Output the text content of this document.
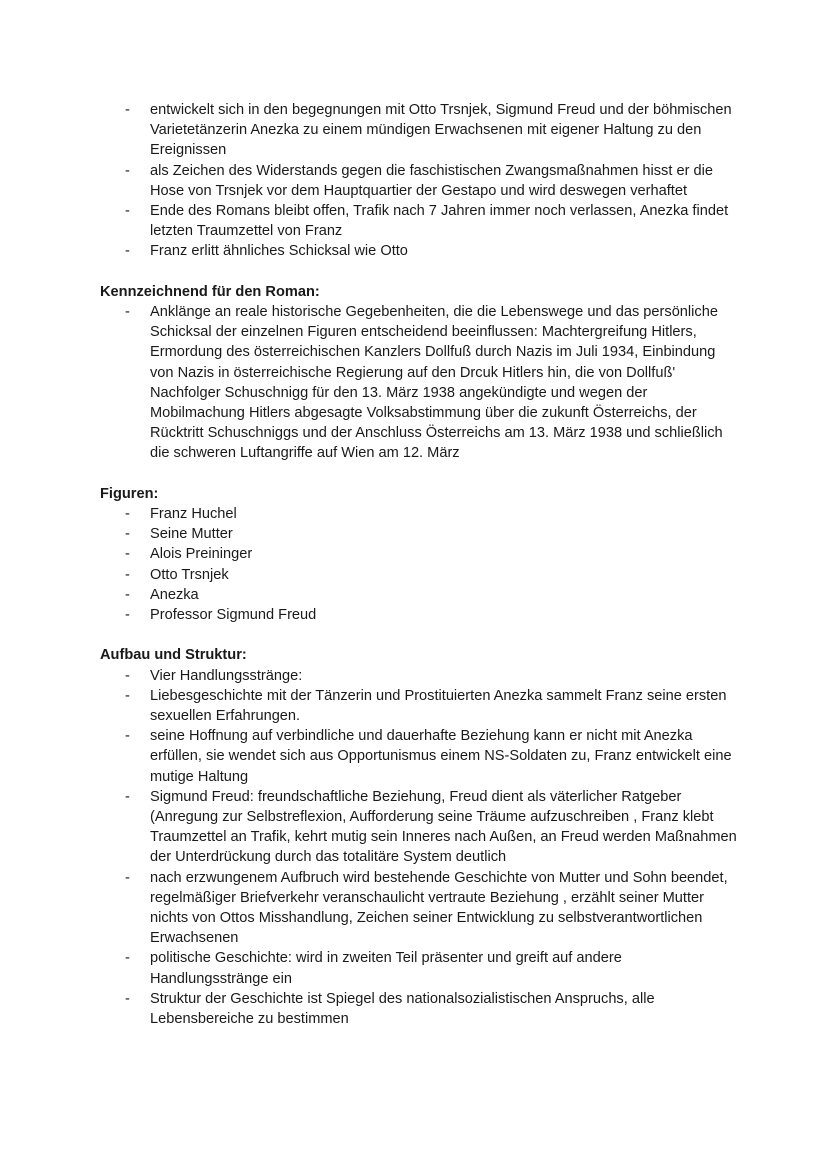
- entwickelt sich in den begegnungen mit Otto Trsnjek, Sigmund Freud und der böhmischen Varietetänzerin Anezka zu einem mündigen Erwachsenen mit eigener Haltung zu den Ereignissen
- als Zeichen des Widerstands gegen die faschistischen Zwangsmaßnahmen hisst er die Hose von Trsnjek vor dem Hauptquartier der Gestapo und wird deswegen verhaftet
- Ende des Romans bleibt offen, Trafik nach 7 Jahren immer noch verlassen, Anezka findet letzten Traumzettel von Franz
- Franz erlitt ähnliches Schicksal wie Otto

Kennzeichnend für den Roman:

- Anklänge an reale historische Gegebenheiten, die die Lebenswege und das persönliche Schicksal der einzelnen Figuren entscheidend beeinflussen: Machtergreifung Hitlers, Ermordung des österreichischen Kanzlers Dollfuß durch Nazis im Juli 1934, Einbindung von Nazis in österreichische Regierung auf den Drcuk Hitlers hin, die von Dollfuß' Nachfolger Schuschnigg für den 13. März 1938 angekündigte und wegen der Mobilmachung Hitlers abgesagte Volksabstimmung über die zukunft Österreichs, der Rücktritt Schuschniggs und der Anschluss Österreichs am 13. März 1938 und schließlich die schweren Luftangriffe auf Wien am 12. März

Figuren:

- Franz Huchel
- Seine Mutter
- Alois Preininger
- Otto Trsnjek
- Anezka
- Professor Sigmund Freud

Aufbau und Struktur:

- Vier Handlungsstränge:
- Liebesgeschichte mit der Tänzerin und Prostituierten Anezka sammelt Franz seine ersten sexuellen Erfahrungen.
- seine Hoffnung auf verbindliche und dauerhafte Beziehung kann er nicht mit Anezka erfüllen, sie wendet sich aus Opportunismus einem NS-Soldaten zu, Franz entwickelt eine mutige Haltung
- Sigmund Freud: freundschaftliche Beziehung, Freud dient als väterlicher Ratgeber (Anregung zur Selbstreflexion, Aufforderung seine Träume aufzuschreiben , Franz klebt Traumzettel an Trafik, kehrt mutig sein Inneres nach Außen, an Freud werden Maßnahmen der Unterdrückung durch das totalitäre System deutlich
- nach erzwungenem Aufbruch wird bestehende Geschichte von Mutter und Sohn beendet, regelmäßiger Briefverkehr veranschaulicht vertraute Beziehung , erzählt seiner Mutter nichts von Ottos Misshandlung, Zeichen seiner Entwicklung zu selbstverantwortlichen Erwachsenen
- politische Geschichte: wird in zweiten Teil präsenter und greift auf andere Handlungsstränge ein
- Struktur der Geschichte ist Spiegel des nationalsozialistischen Anspruchs, alle Lebensbereiche zu bestimmen
